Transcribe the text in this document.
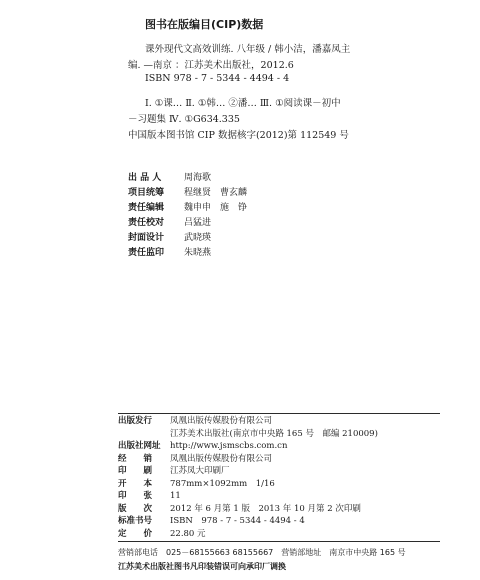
图书在版编目(CIP)数据
课外现代文高效训练. 八年级 / 韩小洁，潘嘉凤主
编. —南京 ：江苏美术出版社，2012.6
ISBN 978 - 7 - 5344 - 4494 - 4
Ⅰ. ①课… Ⅱ. ①韩… ②潘… Ⅲ. ①阅读课－初中
－习题集 Ⅳ. ①G634.335
中国版本图书馆 CIP 数据核字(2012)第 112549 号
出 品 人	周海歌
项目统筹	程继贤　曹玄麟
责任编辑	魏申申　施　铮
责任校对	吕猛进
封面设计	武晓瑛
责任监印	朱晓燕
出版发行	凤凰出版传媒股份有限公司
江苏美术出版社(南京市中央路 165 号　邮编 210009)
出版社网址	http://www.jsmscbs.com.cn
经　　销	凤凰出版传媒股份有限公司
印　　刷	江苏凤大印刷厂
开　　本	787mm×1092mm　1/16
印　　张	11
版　　次	2012 年 6 月第 1 版　2013 年 10 月第 2 次印刷
标准书号	ISBN　978 - 7 - 5344 - 4494 - 4
定　　价	22.80 元
营销部电话　025－68155663 68155667　营销部地址　南京市中央路 165 号
江苏美术出版社图书凡印装错误可向承印厂调换
